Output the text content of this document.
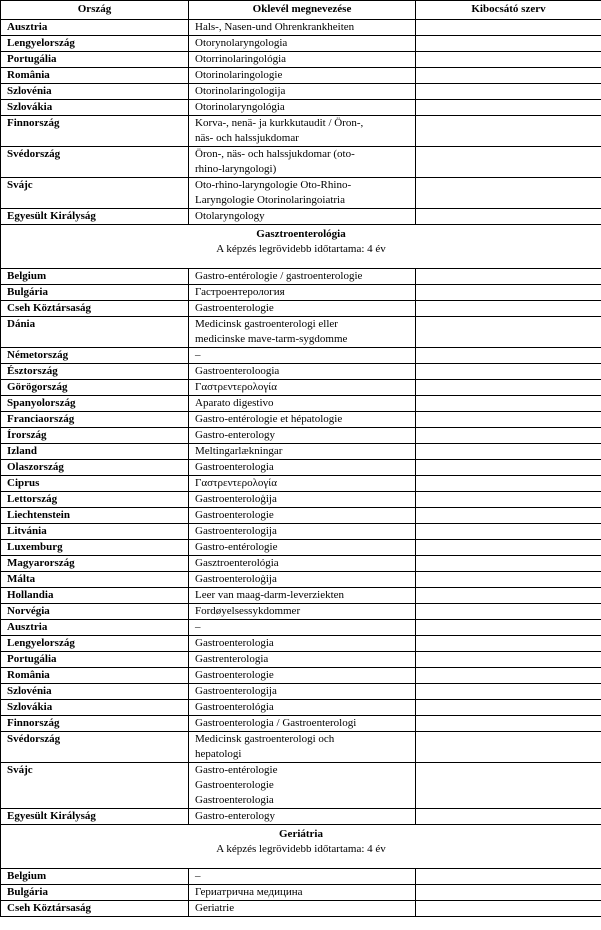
Ország	Oklevél megnevezése	Kibocsátó szerv
Ausztria	Hals-, Nasen-und Ohrenkrankheiten	
Lengyelország	Otorynolaryngologia	
Portugália	Otorrinolaringológia	
România	Otorinolaringologie	
Szlovénia	Otorinolaringologija	
Szlovákia	Otorinolaryngológia	
Finnország	Korva-, nenä- ja kurkkutaudit / Öron-,
näs- och halssjukdomar	
Svédország	Öron-, näs- och halssjukdomar (oto-
rhino-laryngologi)	
Svájc	Oto-rhino-laryngologie Oto-Rhino-
Laryngologie Otorinolaringoiatria	
Egyesült Királyság	Otolaryngology	

Gasztroenterológia
A képzés legrövidebb időtartama: 4 év		

Belgium	Gastro-entérologie / gastroenterologie	
Bulgária	Гастроентерология	
Cseh Köztársaság	Gastroenterologie	
Dánia	Medicinsk gastroenterologi eller
medicinske mave-tarm-sygdomme	
Németország	–	
Észtország	Gastroenteroloogia	
Görögország	Γαστρεντερολογία	
Spanyolország	Aparato digestivo	
Franciaország	Gastro-entérologie et hépatologie	
Írország	Gastro-enterology	
Izland	Meltingarlækningar	
Olaszország	Gastroenterologia	
Ciprus	Γαστρεντερολογία	
Lettország	Gastroenteroloģija	
Liechtenstein	Gastroenterologie	
Litvánia	Gastroenterologija	
Luxemburg	Gastro-entérologie	
Magyarország	Gasztroenterológia	
Málta	Gastroenteroloġija	
Hollandia	Leer van maag-darm-leverziekten	
Norvégia	Fordøyelsessykdommer	
Ausztria	–	
Lengyelország	Gastroenterologia	
Portugália	Gastrenterologia	
România	Gastroenterologie	
Szlovénia	Gastroenterologija	
Szlovákia	Gastroenterológia	
Finnország	Gastroenterologia / Gastroenterologi	
Svédország	Medicinsk gastroenterologi och
hepatologi	
Svájc	Gastro-entérologie
Gastroenterologie
Gastroenterologia	
Egyesült Királyság	Gastro-enterology	

Geriátria
A képzés legrövidebb időtartama: 4 év		

Belgium	–	
Bulgária	Гериатрична медицина	
Cseh Köztársaság	Geriatrie	
